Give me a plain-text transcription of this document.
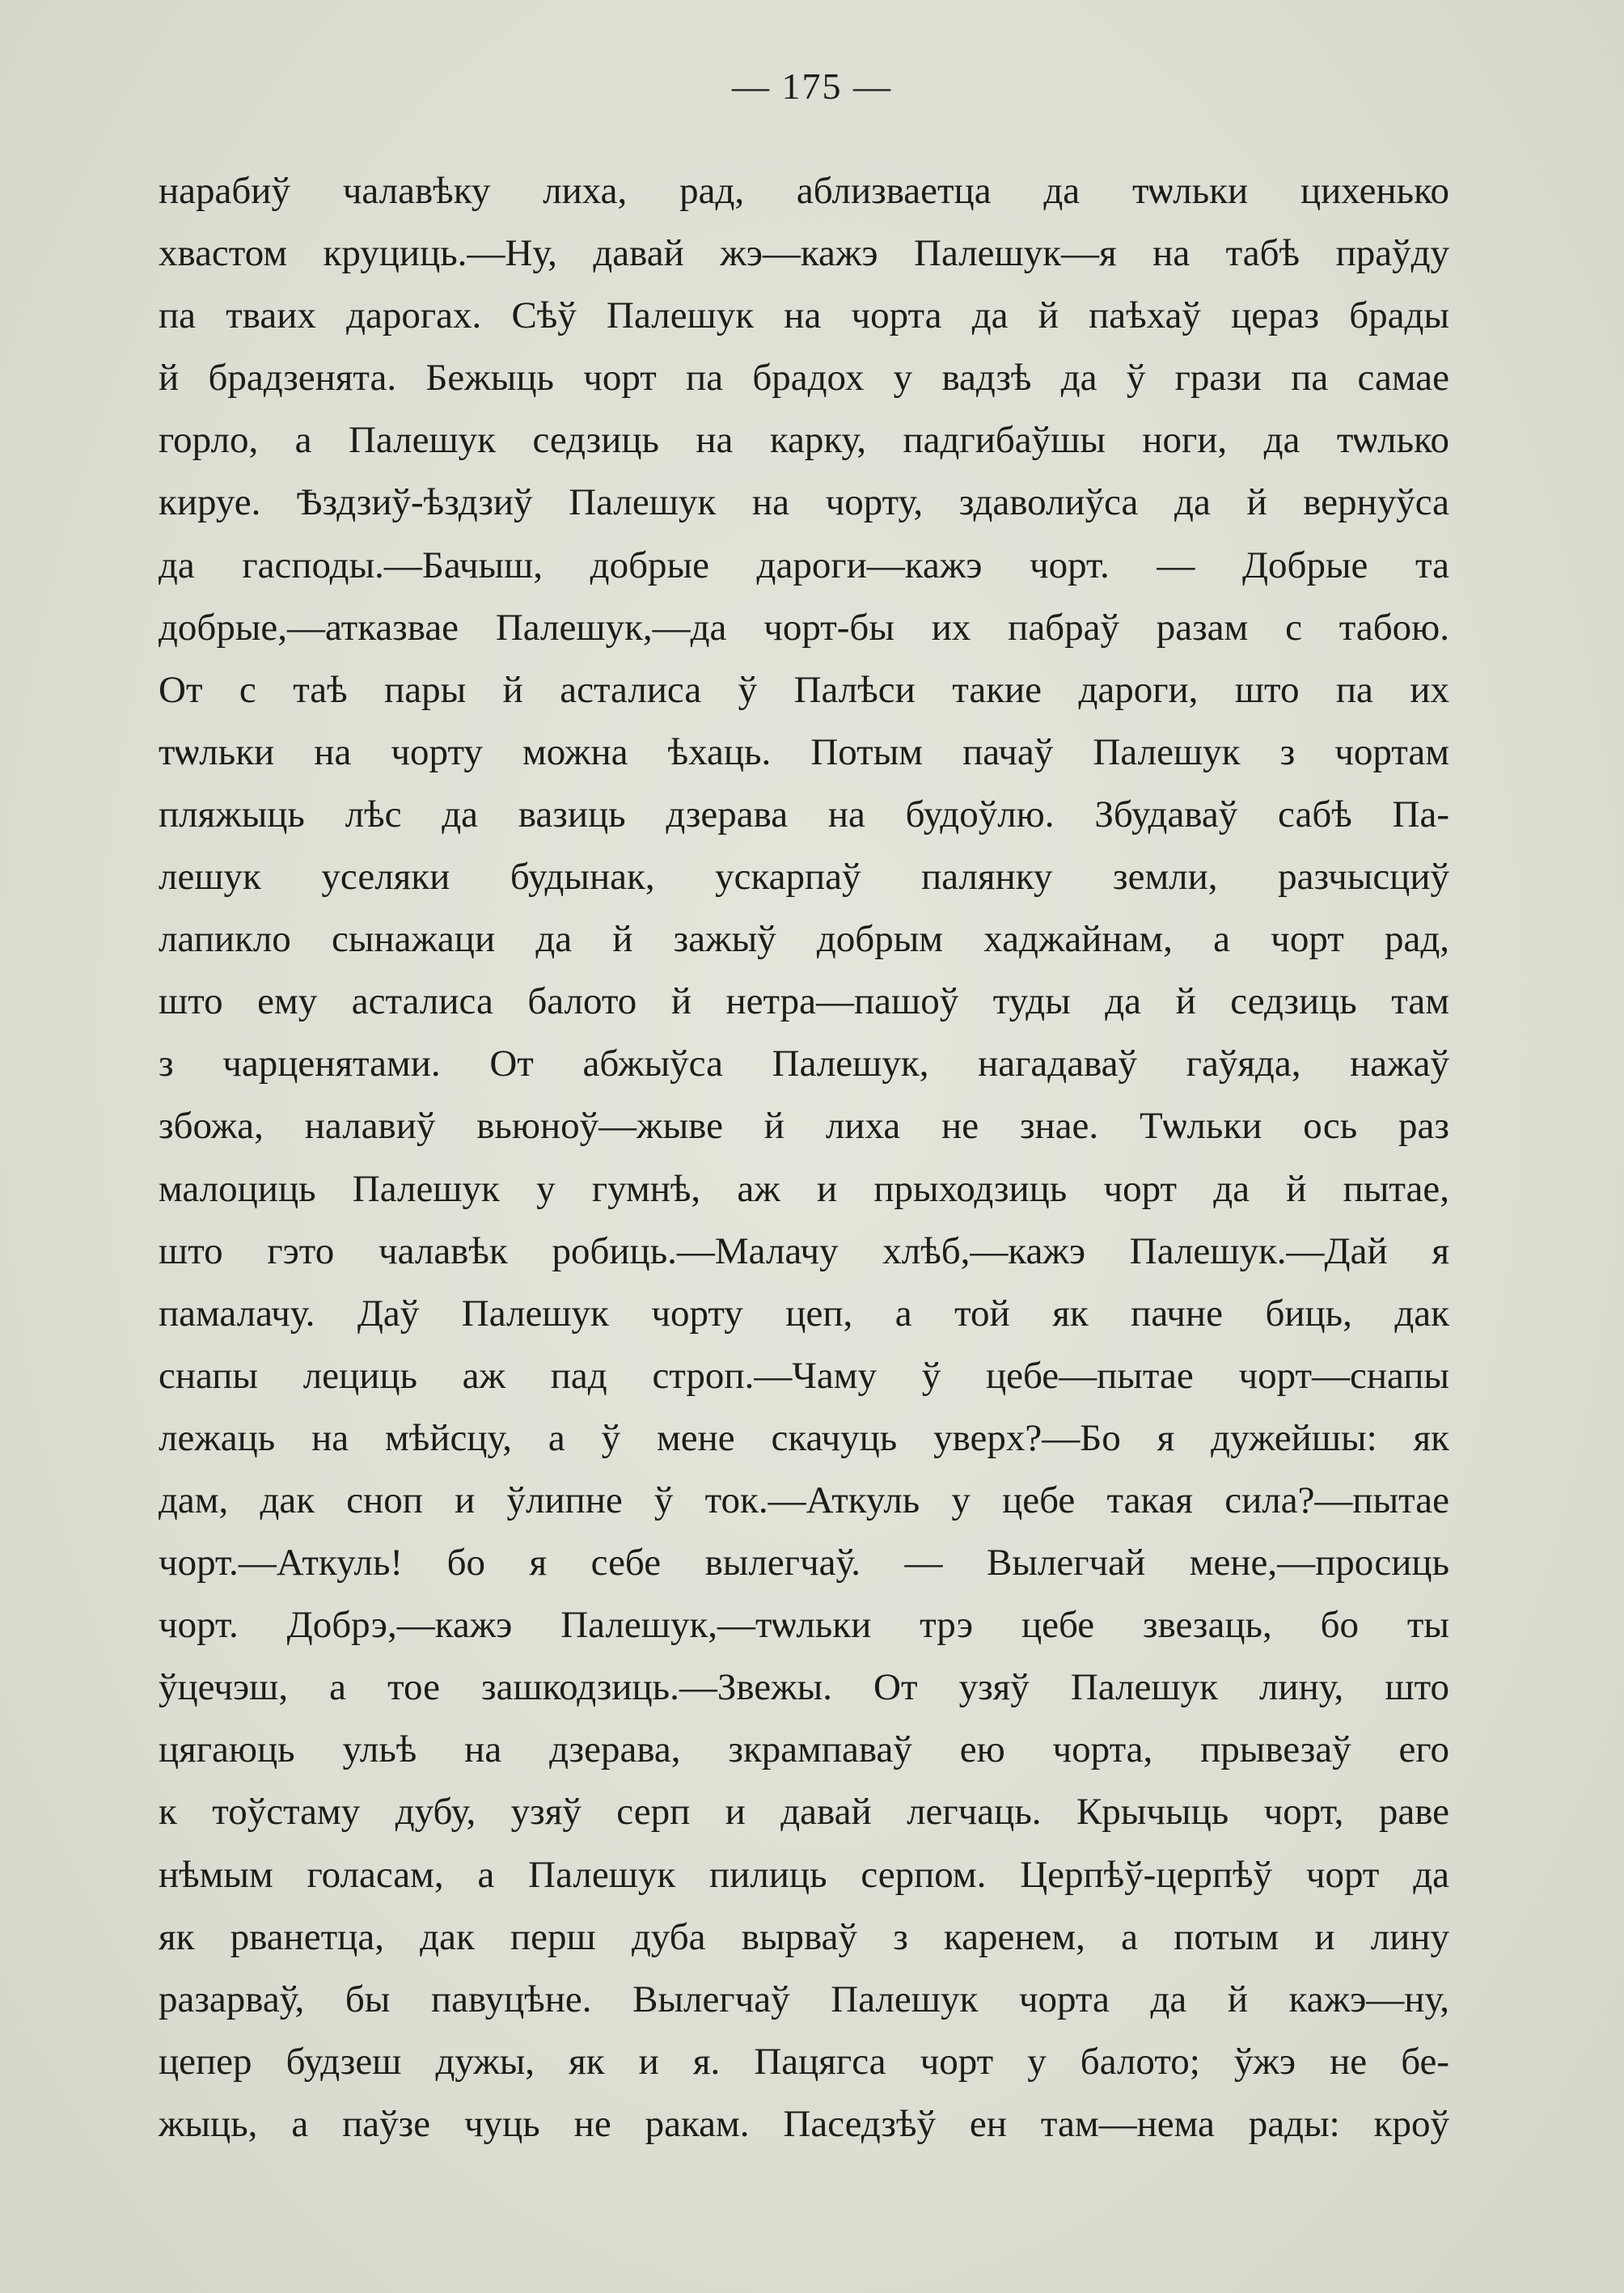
— 175 —
нарабиў чалавѣку лиха, рад, аблизваетца да тѡльки цихенько
хвастом круциць.—Ну, давай жэ—кажэ Палешук—я на табѣ праўду
па тваих дарогах. Сѣў Палешук на чорта да й паѣхаў цераз брады
й брадзенята. Бежыць чорт па брадох у вадзѣ да ў грази па самае
горло, а Палешук седзиць на карку, падгибаўшы ноги, да тѡлько
кируе. Ѣздзиў-ѣздзиў Палешук на чорту, здаволиўса да й вернуўса
да гасподы.—Бачыш, добрые дароги—кажэ чорт. — Добрые та
добрые,—атказвае Палешук,—да чорт-бы их пабраў разам с табою.
От с таѣ пары й асталиса ў Палѣси такие дароги, што па их
тѡльки на чорту можна ѣхаць. Потым пачаў Палешук з чортам
пляжыць лѣс да вазиць дзерава на будоўлю. Збудаваў сабѣ Па-
лешук уселяки будынак, ускарпаў палянку земли, разчысциў
лапикло сынажаци да й зажыў добрым хаджайнам, а чорт рад,
што ему асталиса балото й нетра—пашоў туды да й седзиць там
з чарценятами. От абжыўса Палешук, нагадаваў гаўяда, нажаў
збожа, налавиў вьюноў—жыве й лиха не знае. Тѡльки ось раз
малоциць Палешук у гумнѣ, аж и прыходзиць чорт да й пытае,
што гэто чалавѣк робиць.—Малачу хлѣб,—кажэ Палешук.—Дай я
памалачу. Даў Палешук чорту цеп, а той як пачне биць, дак
снапы лециць аж пад строп.—Чаму ў цебе—пытае чорт—снапы
лежаць на мѣйсцу, а ў мене скачуць уверх?—Бо я дужейшы: як
дам, дак сноп и ўлипне ў ток.—Аткуль у цебе такая сила?—пытае
чорт.—Аткуль! бо я себе вылегчаў. — Вылегчай мене,—просиць
чорт. Добрэ,—кажэ Палешук,—тѡльки трэ цебе звезаць, бо ты
ўцечэш, а тое зашкодзиць.—Звежы. От узяў Палешук лину, што
цягаюць ульѣ на дзерава, зкрампаваў ею чорта, прывезаў его
к тоўстаму дубу, узяў серп и давай легчаць. Крычыць чорт, раве
нѣмым голасам, а Палешук пилиць серпом. Церпѣў-церпѣў чорт да
як рванетца, дак перш дуба вырваў з каренем, а потым и лину
разарваў, бы павуцѣне. Вылегчаў Палешук чорта да й кажэ—ну,
цепер будзеш дужы, як и я. Пацягса чорт у балото; ўжэ не бе-
жыць, а паўзе чуць не ракам. Паседзѣў ен там—нема рады: кроў
